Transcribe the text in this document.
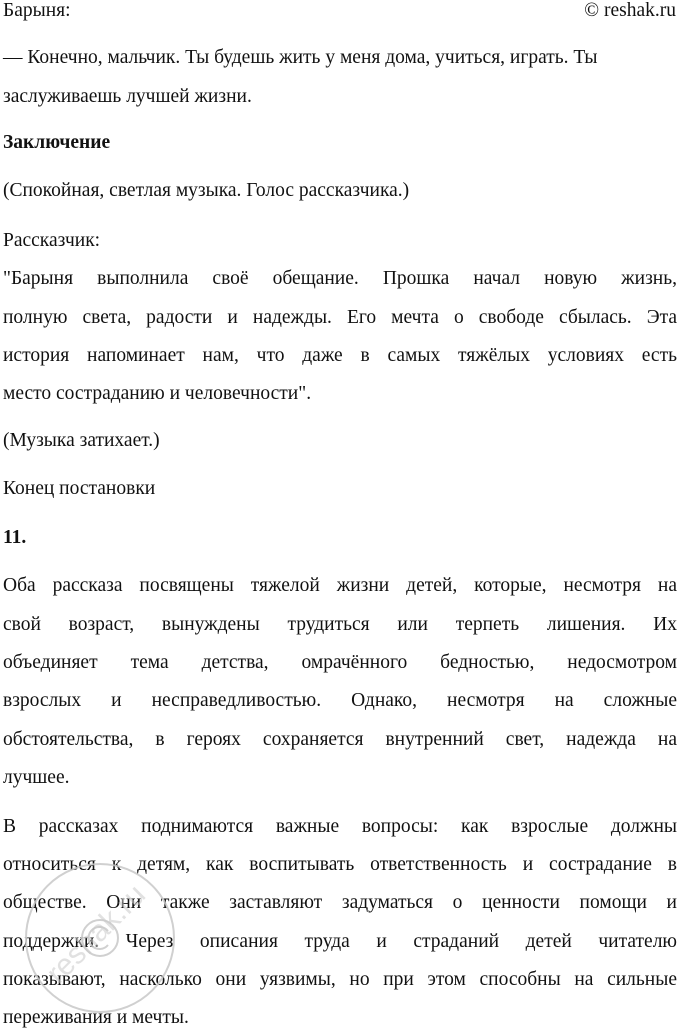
Барыня:	© reshak.ru
— Конечно, мальчик. Ты будешь жить у меня дома, учиться, играть. Ты
заслуживаешь лучшей жизни.
Заключение
(Спокойная, светлая музыка. Голос рассказчика.)
Рассказчик:
"Барыня выполнила своё обещание. Прошка начал новую жизнь,
полную света, радости и надежды. Его мечта о свободе сбылась. Эта
история напоминает нам, что даже в самых тяжёлых условиях есть
место состраданию и человечности".
(Музыка затихает.)
Конец постановки
11.
Оба рассказа посвящены тяжелой жизни детей, которые, несмотря на
свой возраст, вынуждены трудиться или терпеть лишения. Их
объединяет тема детства, омрачённого бедностью, недосмотром
взрослых и несправедливостью. Однако, несмотря на сложные
обстоятельства, в героях сохраняется внутренний свет, надежда на
лучшее.
В рассказах поднимаются важные вопросы: как взрослые должны
относиться к детям, как воспитывать ответственность и сострадание в
обществе. Они также заставляют задуматься о ценности помощи и
поддержки. Через описания труда и страданий детей читателю
показывают, насколько они уязвимы, но при этом способны на сильные
переживания и мечты.
reshak.ru
